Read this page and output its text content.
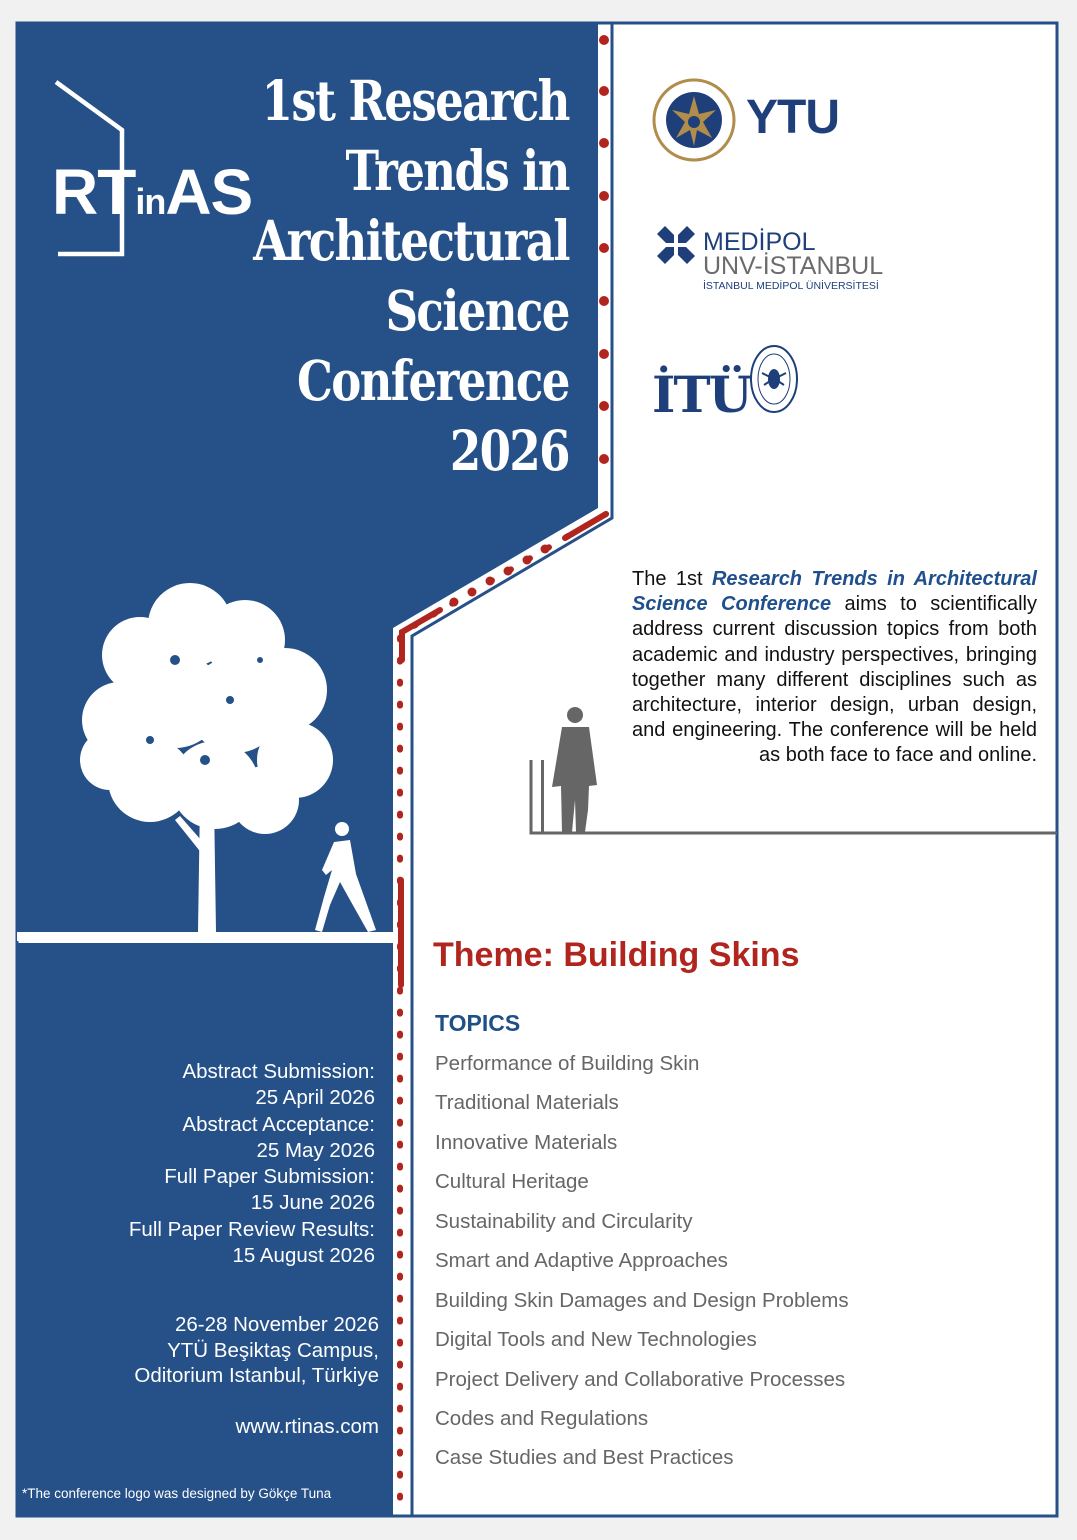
RTinAS
1st Research
Trends in
Architectural
Science
Conference
2026
YTU
MEDİPOL
UNV-İSTANBUL
İSTANBUL MEDİPOL ÜNİVERSİTESİ
İTÜ
The 1st Research Trends in Architectural Science Conference aims to scientifically address current discussion topics from both academic and industry perspectives, bringing together many different disciplines such as architecture, interior design, urban design, and engineering. The conference will be held as both face to face and online.
Theme: Building Skins
TOPICS
Performance of Building Skin
Traditional Materials
Innovative Materials
Cultural Heritage
Sustainability and Circularity
Smart and Adaptive Approaches
Building Skin Damages and Design Problems
Digital Tools and New Technologies
Project Delivery and Collaborative Processes
Codes and Regulations
Case Studies and Best Practices
Abstract Submission:
25 April 2026
Abstract Acceptance:
25 May 2026
Full Paper Submission:
15 June 2026
Full Paper Review Results:
15 August 2026
26-28 November 2026
YTÜ Beşiktaş Campus,
Oditorium Istanbul, Türkiye
www.rtinas.com
*The conference logo was designed by Gökçe Tuna
